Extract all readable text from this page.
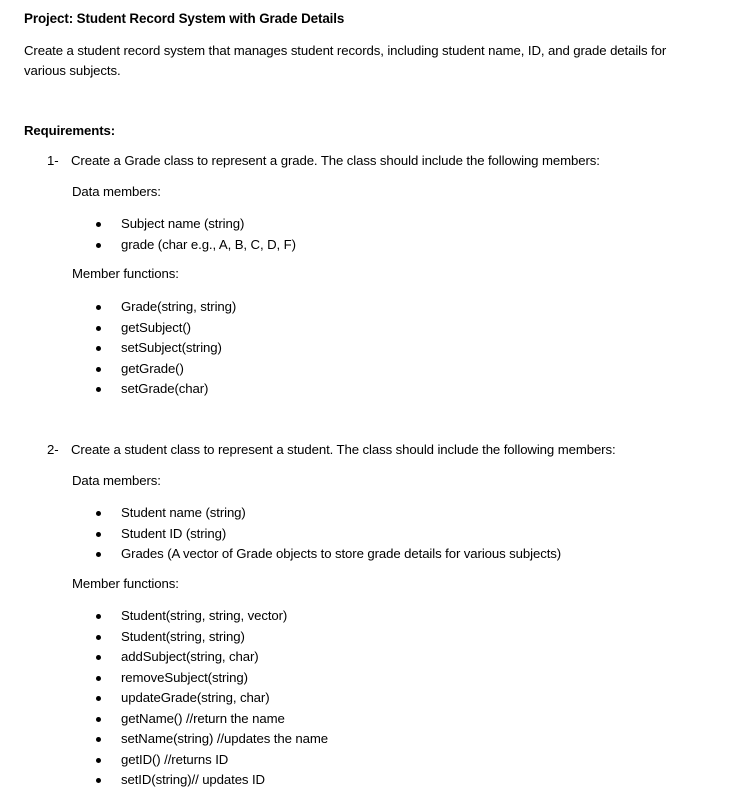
Project: Student Record System with Grade Details
Create a student record system that manages student records, including student name, ID, and grade details for various subjects.
Requirements:
1- Create a Grade class to represent a grade. The class should include the following members:
Data members:
Subject name (string)
grade (char e.g., A, B, C, D, F)
Member functions:
Grade(string, string)
getSubject()
setSubject(string)
getGrade()
setGrade(char)
2- Create a student class to represent a student. The class should include the following members:
Data members:
Student name (string)
Student ID (string)
Grades (A vector of Grade objects to store grade details for various subjects)
Member functions:
Student(string, string, vector)
Student(string, string)
addSubject(string, char)
removeSubject(string)
updateGrade(string, char)
getName() //return the name
setName(string) //updates the name
getID() //returns ID
setID(string)// updates ID
